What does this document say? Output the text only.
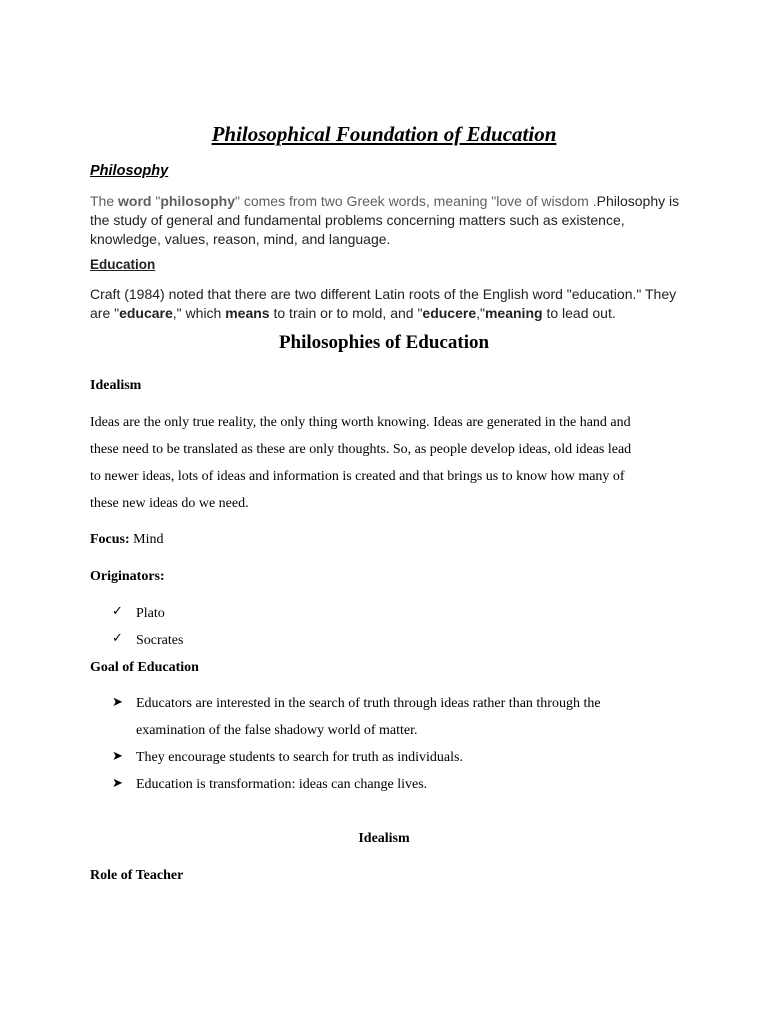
Philosophical Foundation of Education
Philosophy
The word "philosophy" comes from two Greek words, meaning "love of wisdom .Philosophy is
the study of general and fundamental problems concerning matters such as existence,
knowledge, values, reason, mind, and language.
Education
Craft (1984) noted that there are two different Latin roots of the English word "education." They
are "educare," which means to train or to mold, and "educere,"meaning to lead out.
Philosophies of Education
Idealism
Ideas are the only true reality, the only thing worth knowing. Ideas are generated in the hand and
these need to be translated as these are only thoughts. So, as people develop ideas, old ideas lead
to newer ideas, lots of ideas and information is created and that brings us to know how many of
these new ideas do we need.
Focus: Mind
Originators:
✓ Plato
✓ Socrates
Goal of Education
➤ Educators are interested in the search of truth through ideas rather than through the
examination of the false shadowy world of matter.
➤ They encourage students to search for truth as individuals.
➤ Education is transformation: ideas can change lives.
Idealism
Role of Teacher
